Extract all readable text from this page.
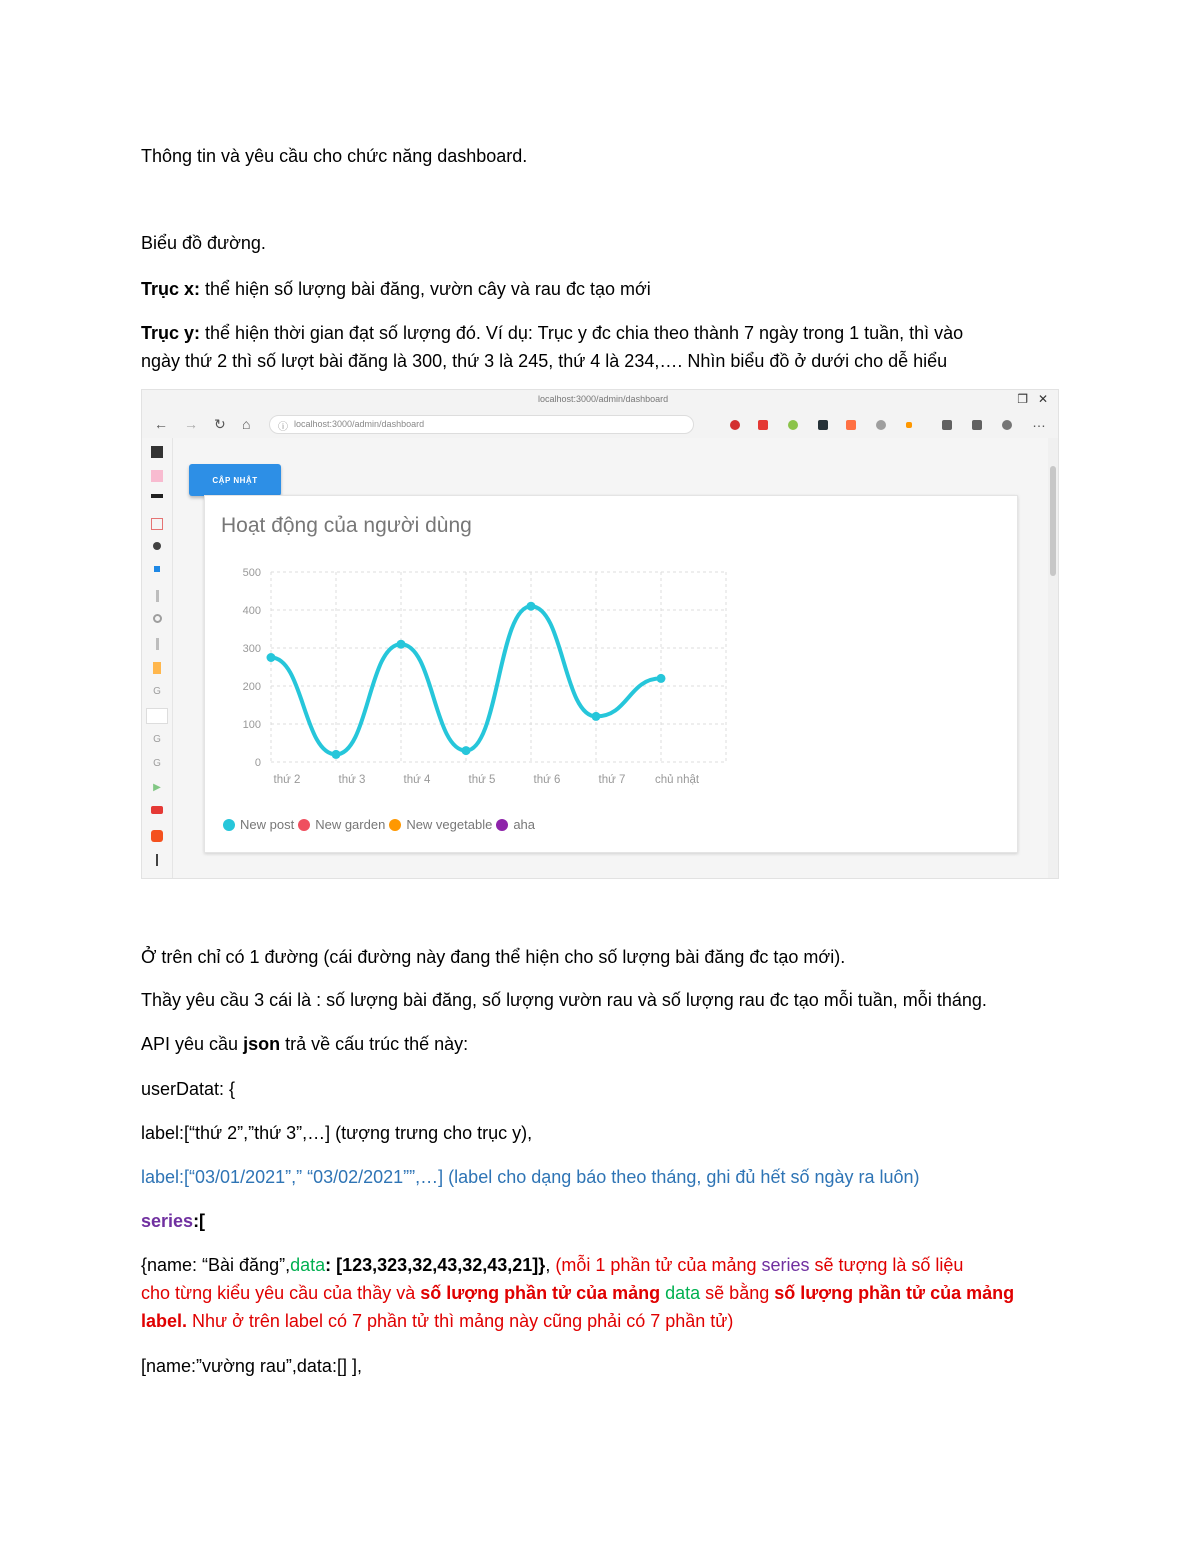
Thông tin và yêu cầu cho chức năng dashboard.
Biểu đồ đường.
Trục x: thể hiện số lượng bài đăng, vườn cây và rau đc tạo mới
Trục y: thể hiện thời gian đạt số lượng đó. Ví dụ: Trục y đc chia theo thành 7 ngày trong 1 tuần, thì vào
ngày thứ 2 thì số lượt bài đăng là 300, thứ 3 là 245, thứ 4 là 234,…. Nhìn biểu đồ ở dưới cho dễ hiểu
localhost:3000/admin/dashboard	❐ ✕
← → ↻ ⌂	ⓘ localhost:3000/admin/dashboard	…
G
G
G
▶
CẬP NHẬT
Hoạt động của người dùng
0
100
200
300
400
500
thứ 2	thứ 3	thứ 4	thứ 5	thứ 6	thứ 7	chủ nhật
New post New garden New vegetable aha
Ở trên chỉ có 1 đường (cái đường này đang thể hiện cho số lượng bài đăng đc tạo mới).
Thầy yêu cầu 3 cái là : số lượng bài đăng, số lượng vườn rau và số lượng rau đc tạo mỗi tuần, mỗi tháng.
API yêu cầu json trả về cấu trúc thế này:
userDatat: {
label:[“thứ 2”,”thứ 3”,…] (tượng trưng cho trục y),
label:[“03/01/2021”,” “03/02/2021””,…] (label cho dạng báo theo tháng, ghi đủ hết số ngày ra luôn)
series:[
{name: “Bài đăng”,data: [123,323,32,43,32,43,21]}, (mỗi 1 phần tử của mảng series sẽ tượng là số liệu
cho từng kiểu yêu cầu của thầy và số lượng phần tử của mảng data sẽ bằng số lượng phần tử của mảng
label. Như ở trên label có 7 phần tử thì mảng này cũng phải có 7 phần tử)
[name:”vường rau”,data:[] ],
